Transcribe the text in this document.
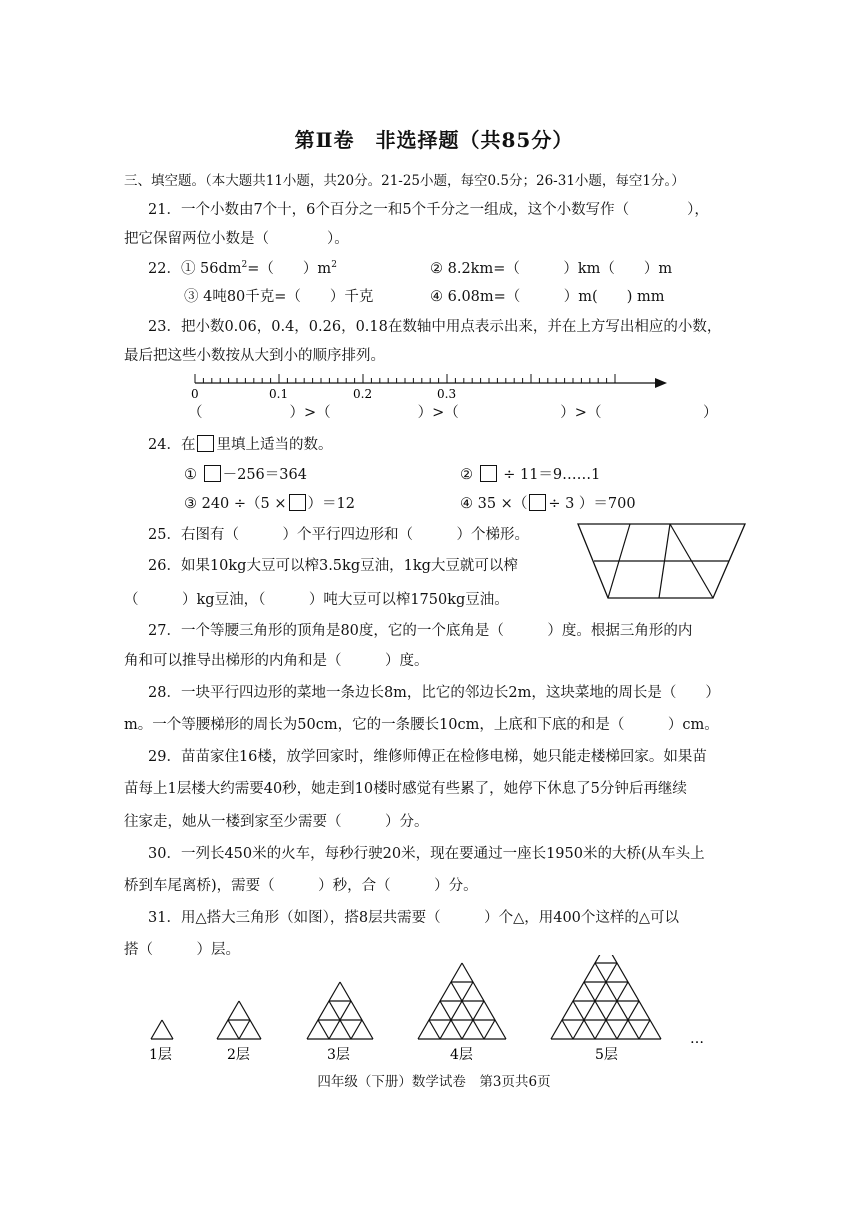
第Ⅱ卷　非选择题（共85分）
三、填空题。（本大题共11小题，共20分。21-25小题，每空0.5分；26-31小题，每空1分。）
21．一个小数由7个十，6个百分之一和5个千分之一组成，这个小数写作（　　　　），
把它保留两位小数是（　　　　）。
22．① $56dm^2=$（　　）$m^2$	② 8.2km=（　　　）km（　　）m
③ 4吨80千克=（　　）千克	④ 6.08m=（　　　）m(　　) mm
23．把小数0.06，0.4，0.26，0.18在数轴中用点表示出来，并在上方写出相应的小数，
最后把这些小数按从大到小的顺序排列。
0	0.1	0.2	0.3
（　　　　　　）>（　　　　　　）>（　　　　　　　）>（　　　　　　　）
24．在 里填上适当的数。
① －256＝364	② ÷ 11＝9……1
③ 240 ÷（5 × ）＝12	④ 35 ×（ ÷ 3 ）＝700
25．右图有（　　　）个平行四边形和（　　　）个梯形。
26．如果10kg大豆可以榨3.5kg豆油，1kg大豆就可以榨
（　　　）kg豆油，（　　　）吨大豆可以榨1750kg豆油。
27．一个等腰三角形的顶角是80度，它的一个底角是（　　　）度。根据三角形的内
角和可以推导出梯形的内角和是（　　　）度。
28．一块平行四边形的菜地一条边长8m，比它的邻边长2m，这块菜地的周长是（　　）
m。一个等腰梯形的周长为50cm，它的一条腰长10cm，上底和下底的和是（　　　）cm。
29．苗苗家住16楼，放学回家时，维修师傅正在检修电梯，她只能走楼梯回家。如果苗
苗每上1层楼大约需要40秒，她走到10楼时感觉有些累了，她停下休息了5分钟后再继续
往家走，她从一楼到家至少需要（　　　）分。
30．一列长450米的火车，每秒行驶20米，现在要通过一座长1950米的大桥(从车头上
桥到车尾离桥)，需要（　　　）秒，合（　　　）分。
31．用△搭大三角形（如图），搭8层共需要（　　　）个△，用400个这样的△可以
搭（　　　）层。
1层	2层	3层	4层	5层
…
四年级（下册）数学试卷　第3页共6页
